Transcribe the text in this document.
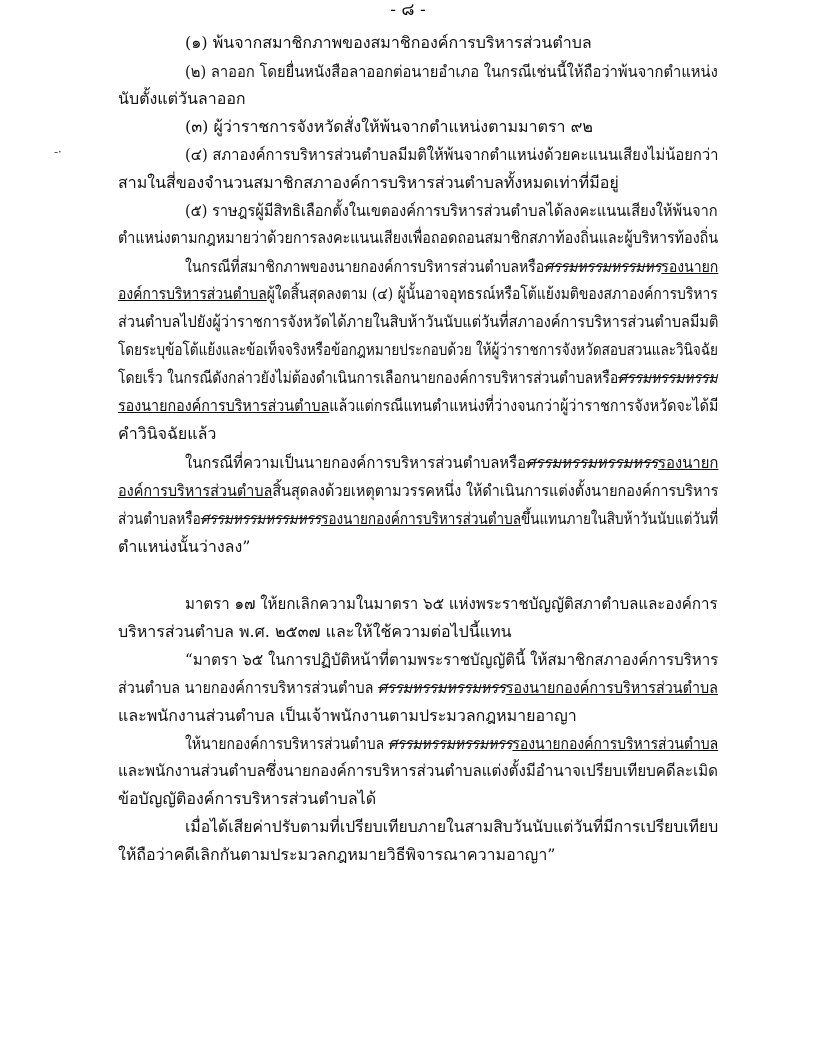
- ๘ -
-·
(๑) พ้นจากสมาชิกภาพของสมาชิกองค์การบริหารส่วนตำบล
(๒) ลาออก โดยยื่นหนังสือลาออกต่อนายอำเภอ ในกรณีเช่นนี้ให้ถือว่าพ้นจากตำแหน่ง
นับตั้งแต่วันลาออก
(๓) ผู้ว่าราชการจังหวัดสั่งให้พ้นจากตำแหน่งตามมาตรา ๙๒
(๔) สภาองค์การบริหารส่วนตำบลมีมติให้พ้นจากตำแหน่งด้วยคะแนนเสียงไม่น้อยกว่า
สามในสี่ของจำนวนสมาชิกสภาองค์การบริหารส่วนตำบลทั้งหมดเท่าที่มีอยู่
(๕) ราษฎรผู้มีสิทธิเลือกตั้งในเขตองค์การบริหารส่วนตำบลได้ลงคะแนนเสียงให้พ้นจาก
ตำแหน่งตามกฎหมายว่าด้วยการลงคะแนนเสียงเพื่อถอดถอนสมาชิกสภาท้องถิ่นและผู้บริหารท้องถิ่น
ในกรณีที่สมาชิกภาพของนายกองค์การบริหารส่วนตำบลหรือศรรมหรรมหรรมหรรองนายก
องค์การบริหารส่วนตำบลผู้ใดสิ้นสุดลงตาม (๔) ผู้นั้นอาจอุทธรณ์หรือโต้แย้งมติของสภาองค์การบริหาร
ส่วนตำบลไปยังผู้ว่าราชการจังหวัดได้ภายในสิบห้าวันนับแต่วันที่สภาองค์การบริหารส่วนตำบลมีมติ
โดยระบุข้อโต้แย้งและข้อเท็จจริงหรือข้อกฎหมายประกอบด้วย ให้ผู้ว่าราชการจังหวัดสอบสวนและวินิจฉัย
โดยเร็ว ในกรณีดังกล่าวยังไม่ต้องดำเนินการเลือกนายกองค์การบริหารส่วนตำบลหรือศรรมหรรมหรรม
รองนายกองค์การบริหารส่วนตำบลแล้วแต่กรณีแทนตำแหน่งที่ว่างจนกว่าผู้ว่าราชการจังหวัดจะได้มี
คำวินิจฉัยแล้ว
ในกรณีที่ความเป็นนายกองค์การบริหารส่วนตำบลหรือศรรมหรรมหรรมหรรรองนายก
องค์การบริหารส่วนตำบลสิ้นสุดลงด้วยเหตุตามวรรคหนึ่ง ให้ดำเนินการแต่งตั้งนายกองค์การบริหาร
ส่วนตำบลหรือศรรมหรรมหรรมหรรรองนายกองค์การบริหารส่วนตำบลขึ้นแทนภายในสิบห้าวันนับแต่วันที่
ตำแหน่งนั้นว่างลง”
มาตรา ๑๗ ให้ยกเลิกความในมาตรา ๖๕ แห่งพระราชบัญญัติสภาตำบลและองค์การ
บริหารส่วนตำบล พ.ศ. ๒๕๓๗ และให้ใช้ความต่อไปนี้แทน
“มาตรา ๖๕ ในการปฏิบัติหน้าที่ตามพระราชบัญญัตินี้ ให้สมาชิกสภาองค์การบริหาร
ส่วนตำบล นายกองค์การบริหารส่วนตำบล ศรรมหรรมหรรมหรรรองนายกองค์การบริหารส่วนตำบล
และพนักงานส่วนตำบล เป็นเจ้าพนักงานตามประมวลกฎหมายอาญา
ให้นายกองค์การบริหารส่วนตำบล ศรรมหรรมหรรมหรรรองนายกองค์การบริหารส่วนตำบล
และพนักงานส่วนตำบลซึ่งนายกองค์การบริหารส่วนตำบลแต่งตั้งมีอำนาจเปรียบเทียบคดีละเมิด
ข้อบัญญัติองค์การบริหารส่วนตำบลได้
เมื่อได้เสียค่าปรับตามที่เปรียบเทียบภายในสามสิบวันนับแต่วันที่มีการเปรียบเทียบ
ให้ถือว่าคดีเลิกกันตามประมวลกฎหมายวิธีพิจารณาความอาญา”
